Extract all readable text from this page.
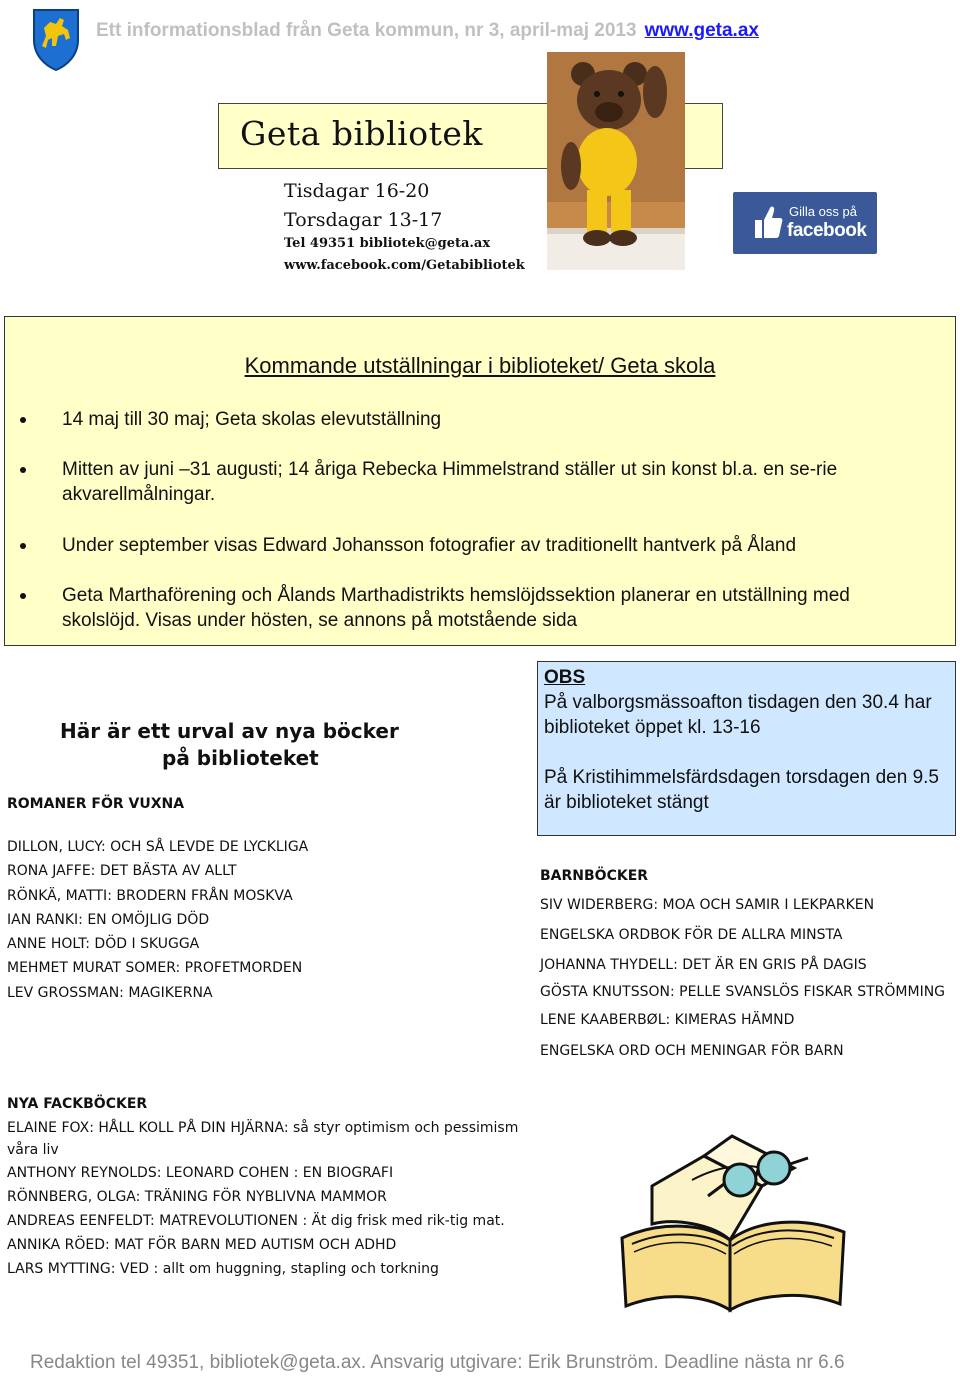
Ett informationsblad från Geta kommun, nr 3, april-maj 2013 www.geta.ax
Geta bibliotek
Tisdagar 16-20
Torsdagar 13-17
Tel 49351 bibliotek@geta.ax
www.facebook.com/Getabibliotek
Gilla oss på
facebook
Kommande utställningar i biblioteket/ Geta skola
14 maj till 30 maj; Geta skolas elevutställning
Mitten av juni –31 augusti; 14 åriga Rebecka Himmelstrand ställer ut sin konst bl.a. en se-rie akvarellmålningar.
Under september visas Edward Johansson fotografier av traditionellt hantverk på Åland
Geta Marthaförening och Ålands Marthadistrikts hemslöjdssektion planerar en utställning med skolslöjd. Visas under hösten, se annons på motstående sida
Här är ett urval av nya böcker
på biblioteket
OBS
På valborgsmässoafton tisdagen den 30.4 har biblioteket öppet kl. 13-16
På Kristihimmelsfärdsdagen torsdagen den 9.5 är biblioteket stängt
ROMANER FÖR VUXNA
DILLON, LUCY: OCH SÅ LEVDE DE LYCKLIGA
RONA JAFFE: DET BÄSTA AV ALLT
RÖNKÄ, MATTI: BRODERN FRÅN MOSKVA
IAN RANKI: EN OMÖJLIG DÖD
ANNE HOLT: DÖD I SKUGGA
MEHMET MURAT SOMER: PROFETMORDEN
LEV GROSSMAN: MAGIKERNA
NYA FACKBÖCKER
ELAINE FOX: HÅLL KOLL PÅ DIN HJÄRNA: så styr optimism och pessimism våra liv
ANTHONY REYNOLDS: LEONARD COHEN : EN BIOGRAFI
RÖNNBERG, OLGA: TRÄNING FÖR NYBLIVNA MAMMOR
ANDREAS EENFELDT: MATREVOLUTIONEN : Ät dig frisk med rik-tig mat.
ANNIKA RÖED: MAT FÖR BARN MED AUTISM OCH ADHD
LARS MYTTING: VED : allt om huggning, stapling och torkning
BARNBÖCKER
SIV WIDERBERG: MOA OCH SAMIR I LEKPARKEN
ENGELSKA ORDBOK FÖR DE ALLRA MINSTA
JOHANNA THYDELL: DET ÄR EN GRIS PÅ DAGIS
GÖSTA KNUTSSON: PELLE SVANSLÖS FISKAR STRÖMMING
LENE KAABERBØL: KIMERAS HÄMND
ENGELSKA ORD OCH MENINGAR FÖR BARN
Redaktion tel 49351, bibliotek@geta.ax. Ansvarig utgivare: Erik Brunström. Deadline nästa nr 6.6
